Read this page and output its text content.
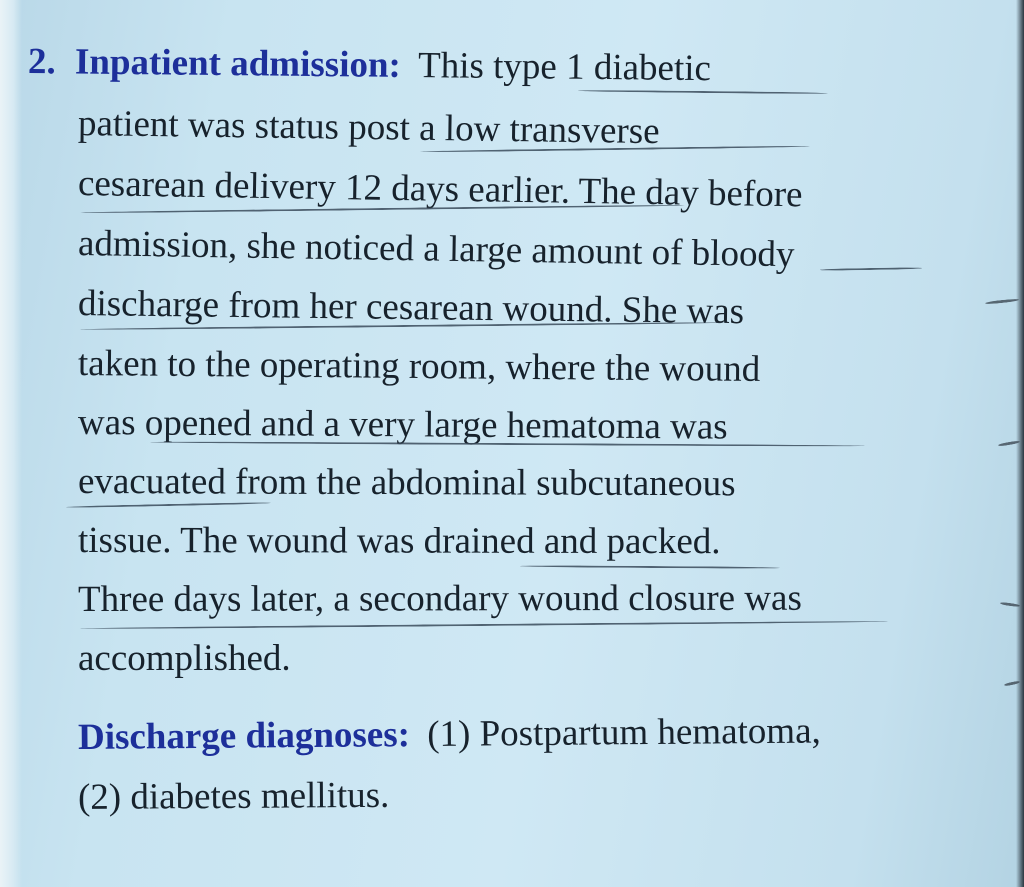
2. Inpatient admission: This type 1 diabetic
patient was status post a low transverse
cesarean delivery 12 days earlier. The day before
admission, she noticed a large amount of bloody
discharge from her cesarean wound. She was
taken to the operating room, where the wound
was opened and a very large hematoma was
evacuated from the abdominal subcutaneous
tissue. The wound was drained and packed.
Three days later, a secondary wound closure was
accomplished.
Discharge diagnoses: (1) Postpartum hematoma,
(2) diabetes mellitus.
